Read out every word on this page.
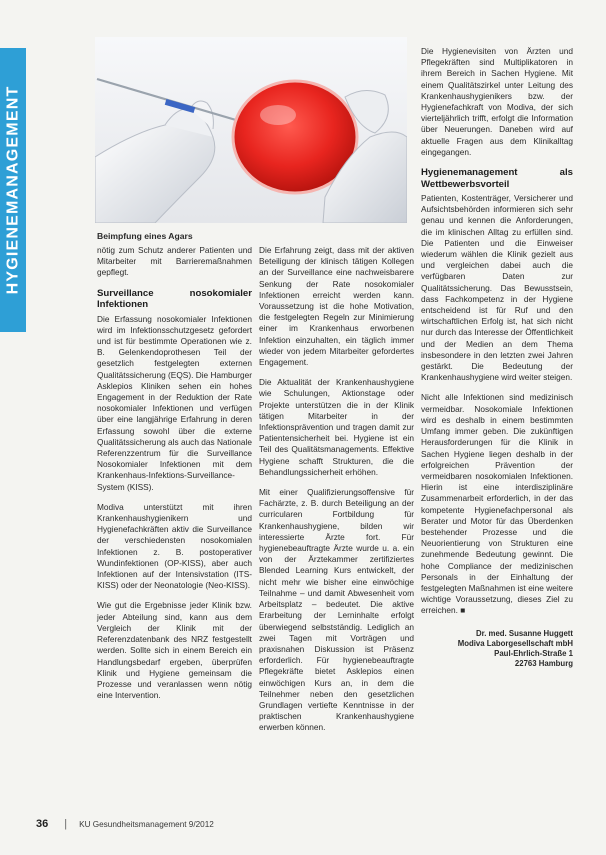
HYGIENEMANAGEMENT	Beimpfung eines Agars

nötig zum Schutz anderer Patienten und Mitarbeiter mit Barrieremaßnahmen gepflegt.

Surveillance nosokomialer Infektionen

Die Erfassung nosokomialer Infektionen wird im Infektionsschutzgesetz gefordert und ist für bestimmte Operationen wie z. B. Gelenkendoprothesen Teil der gesetzlich festgelegten externen Qualitätssicherung (EQS). Die Hamburger Asklepios Kliniken sehen ein hohes Engagement in der Reduktion der Rate nosokomialer Infektionen und verfügen über eine langjährige Erfahrung in deren Erfassung sowohl über die externe Qualitätssicherung als auch das Nationale Referenzzentrum für die Surveillance Nosokomialer Infektionen mit dem Krankenhaus-Infektions-Surveillance-System (KISS).

Modiva unterstützt mit ihren Krankenhaushygienikern und Hygienefachkräften aktiv die Surveillance der verschiedensten nosokomialen Infektionen z. B. postoperativer Wundinfektionen (OP-KISS), aber auch Infektionen auf der Intensivstation (ITS-KISS) oder der Neonatologie (Neo-KISS).

Wie gut die Ergebnisse jeder Klinik bzw. jeder Abteilung sind, kann aus dem Vergleich der Klinik mit der Referenzdatenbank des NRZ festgestellt werden. Sollte sich in einem Bereich ein Handlungsbedarf ergeben, überprüfen Klinik und Hygiene gemeinsam die Prozesse und veranlassen wenn nötig eine Intervention.

Die Erfahrung zeigt, dass mit der aktiven Beteiligung der klinisch tätigen Kollegen an der Surveillance eine nachweisbarere Senkung der Rate nosokomialer Infektionen erreicht werden kann. Voraussetzung ist die hohe Motivation, die festgelegten Regeln zur Minimierung einer im Krankenhaus erworbenen Infektion einzuhalten, ein täglich immer wieder von jedem Mitarbeiter gefordertes Engagement.

Die Aktualität der Krankenhaushygiene wie Schulungen, Aktionstage oder Projekte unterstützen die in der Klinik tätigen Mitarbeiter in der Infektionsprävention und tragen damit zur Patientensicherheit bei. Hygiene ist ein Teil des Qualitätsmanagements. Effektive Hygiene schafft Strukturen, die die Behandlungssicherheit erhöhen.

Mit einer Qualifizierungsoffensive für Fachärzte, z. B. durch Beteiligung an der curricularen Fortbildung für Krankenhaushygiene, bilden wir interessierte Ärzte fort. Für hygienebeauftragte Ärzte wurde u. a. ein von der Ärztekammer zertifiziertes Blended Learning Kurs entwickelt, der nicht mehr wie bisher eine einwöchige Teilnahme – und damit Abwesenheit vom Arbeitsplatz – bedeutet. Die aktive Erarbeitung der Lerninhalte erfolgt überwiegend selbstständig. Lediglich an zwei Tagen mit Vorträgen und praxisnahen Diskussion ist Präsenz erforderlich. Für hygienebeauftragte Pflegekräfte bietet Asklepios einen einwöchigen Kurs an, in dem die Teilnehmer neben den gesetzlichen Grundlagen vertiefte Kenntnisse in der praktischen Krankenhaushygiene erwerben können.

Die Hygienevisiten von Ärzten und Pflegekräften sind Multiplikatoren in ihrem Bereich in Sachen Hygiene. Mit einem Qualitätszirkel unter Leitung des Krankenhaushygienikers bzw. der Hygienefachkraft von Modiva, der sich vierteljährlich trifft, erfolgt die Information über Neuerungen. Daneben wird auf aktuelle Fragen aus dem Klinikalltag eingegangen.

Hygienemanagement als Wettbewerbsvorteil

Patienten, Kostenträger, Versicherer und Aufsichtsbehörden informieren sich sehr genau und kennen die Anforderungen, die im klinischen Alltag zu erfüllen sind. Die Patienten und die Einweiser wiederum wählen die Klinik gezielt aus und vergleichen dabei auch die verfügbaren Daten zur Qualitätssicherung. Das Bewusstsein, dass Fachkompetenz in der Hygiene entscheidend ist für Ruf und den wirtschaftlichen Erfolg ist, hat sich nicht nur durch das Interesse der Öffentlichkeit und der Medien an dem Thema insbesondere in den letzten zwei Jahren gestärkt. Die Bedeutung der Krankenhaushygiene wird weiter steigen.

Nicht alle Infektionen sind medizinisch vermeidbar. Nosokomiale Infektionen wird es deshalb in einem bestimmten Umfang immer geben. Die zukünftigen Herausforderungen für die Klinik in Sachen Hygiene liegen deshalb in der erfolgreichen Prävention der vermeidbaren nosokomialen Infektionen. Hierin ist eine interdisziplinäre Zusammenarbeit erforderlich, in der das kompetente Hygienefachpersonal als Berater und Motor für das Überdenken bestehender Prozesse und die Neuorientierung von Strukturen eine zunehmende Bedeutung gewinnt. Die hohe Compliance der medizinischen Personals in der Einhaltung der festgelegten Maßnahmen ist eine weitere wichtige Voraussetzung, dieses Ziel zu erreichen. ■

Dr. med. Susanne Huggett
Modiva Laborgesellschaft mbH
Paul-Ehrlich-Straße 1
22763 Hamburg
36 | KU Gesundheitsmanagement 9/2012
